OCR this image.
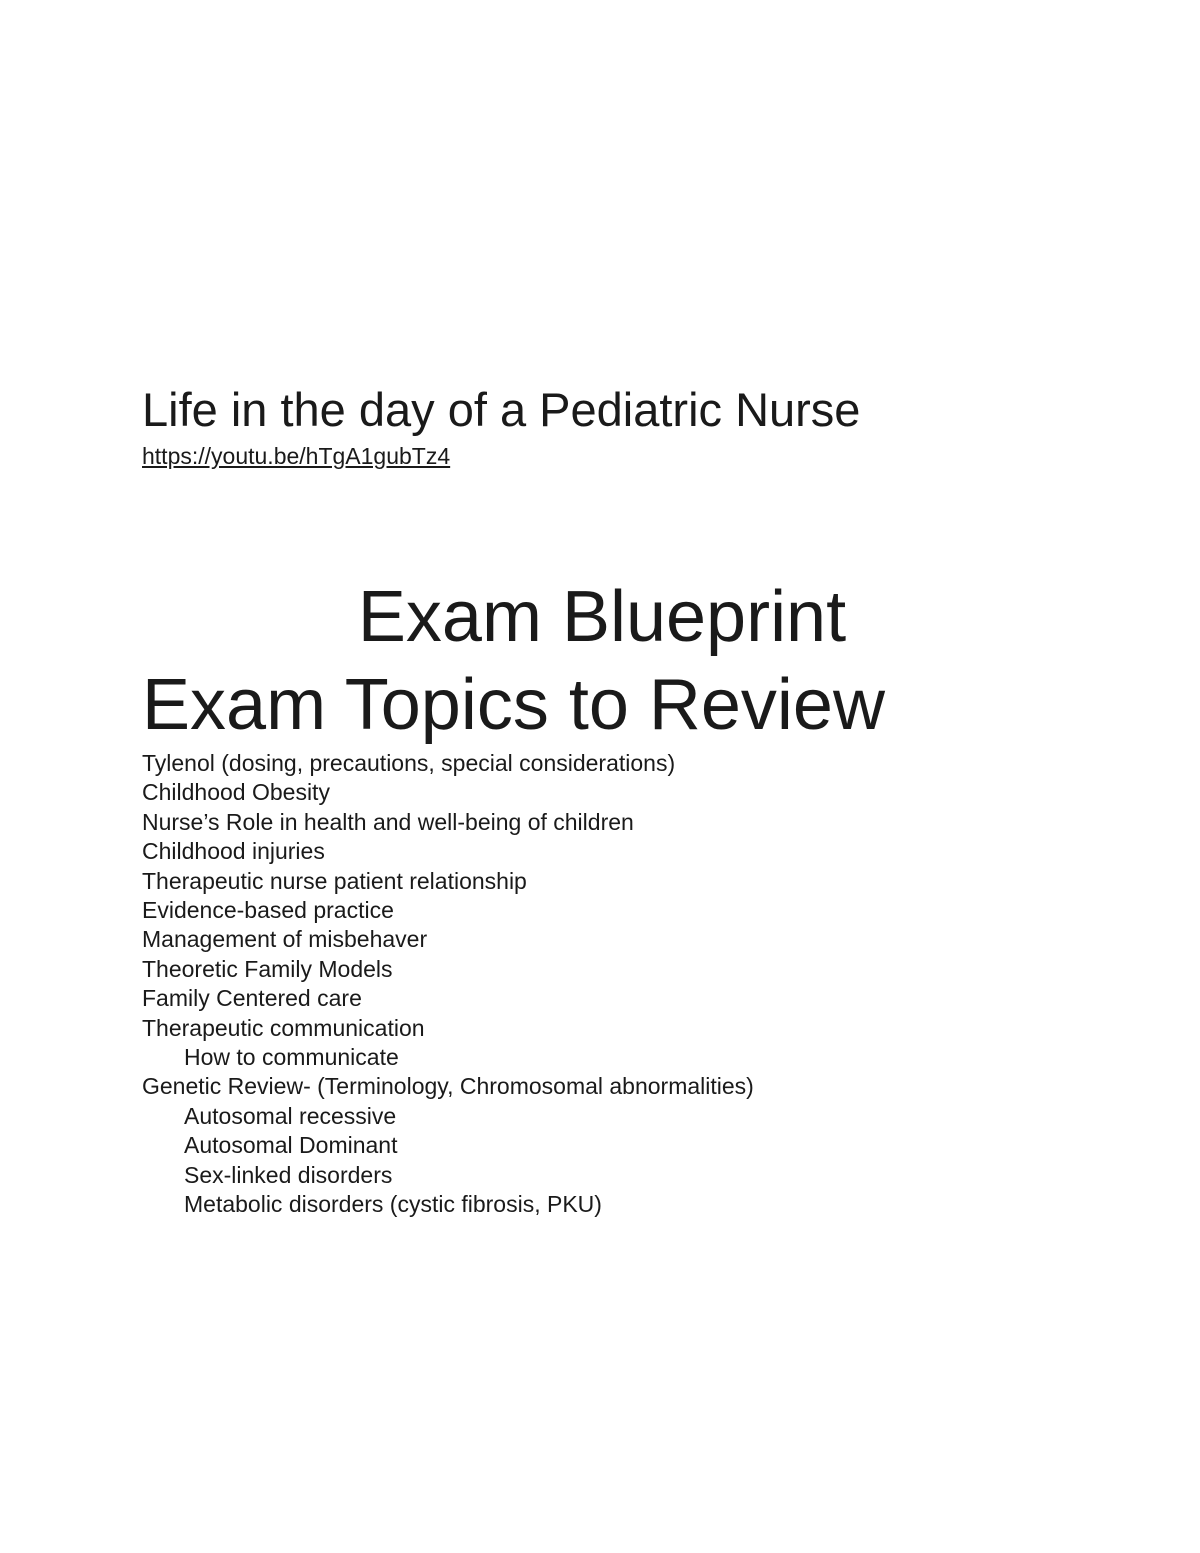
Life in the day of a Pediatric Nurse
https://youtu.be/hTgA1gubTz4
Exam Blueprint
Exam Topics to Review
Tylenol (dosing, precautions, special considerations)
Childhood Obesity
Nurse’s Role in health and well-being of children
Childhood injuries
Therapeutic nurse patient relationship
Evidence-based practice
Management of misbehaver
Theoretic Family Models
Family Centered care
Therapeutic communication
How to communicate
Genetic Review- (Terminology, Chromosomal abnormalities)
Autosomal recessive
Autosomal Dominant
Sex-linked disorders
Metabolic disorders (cystic fibrosis, PKU)
